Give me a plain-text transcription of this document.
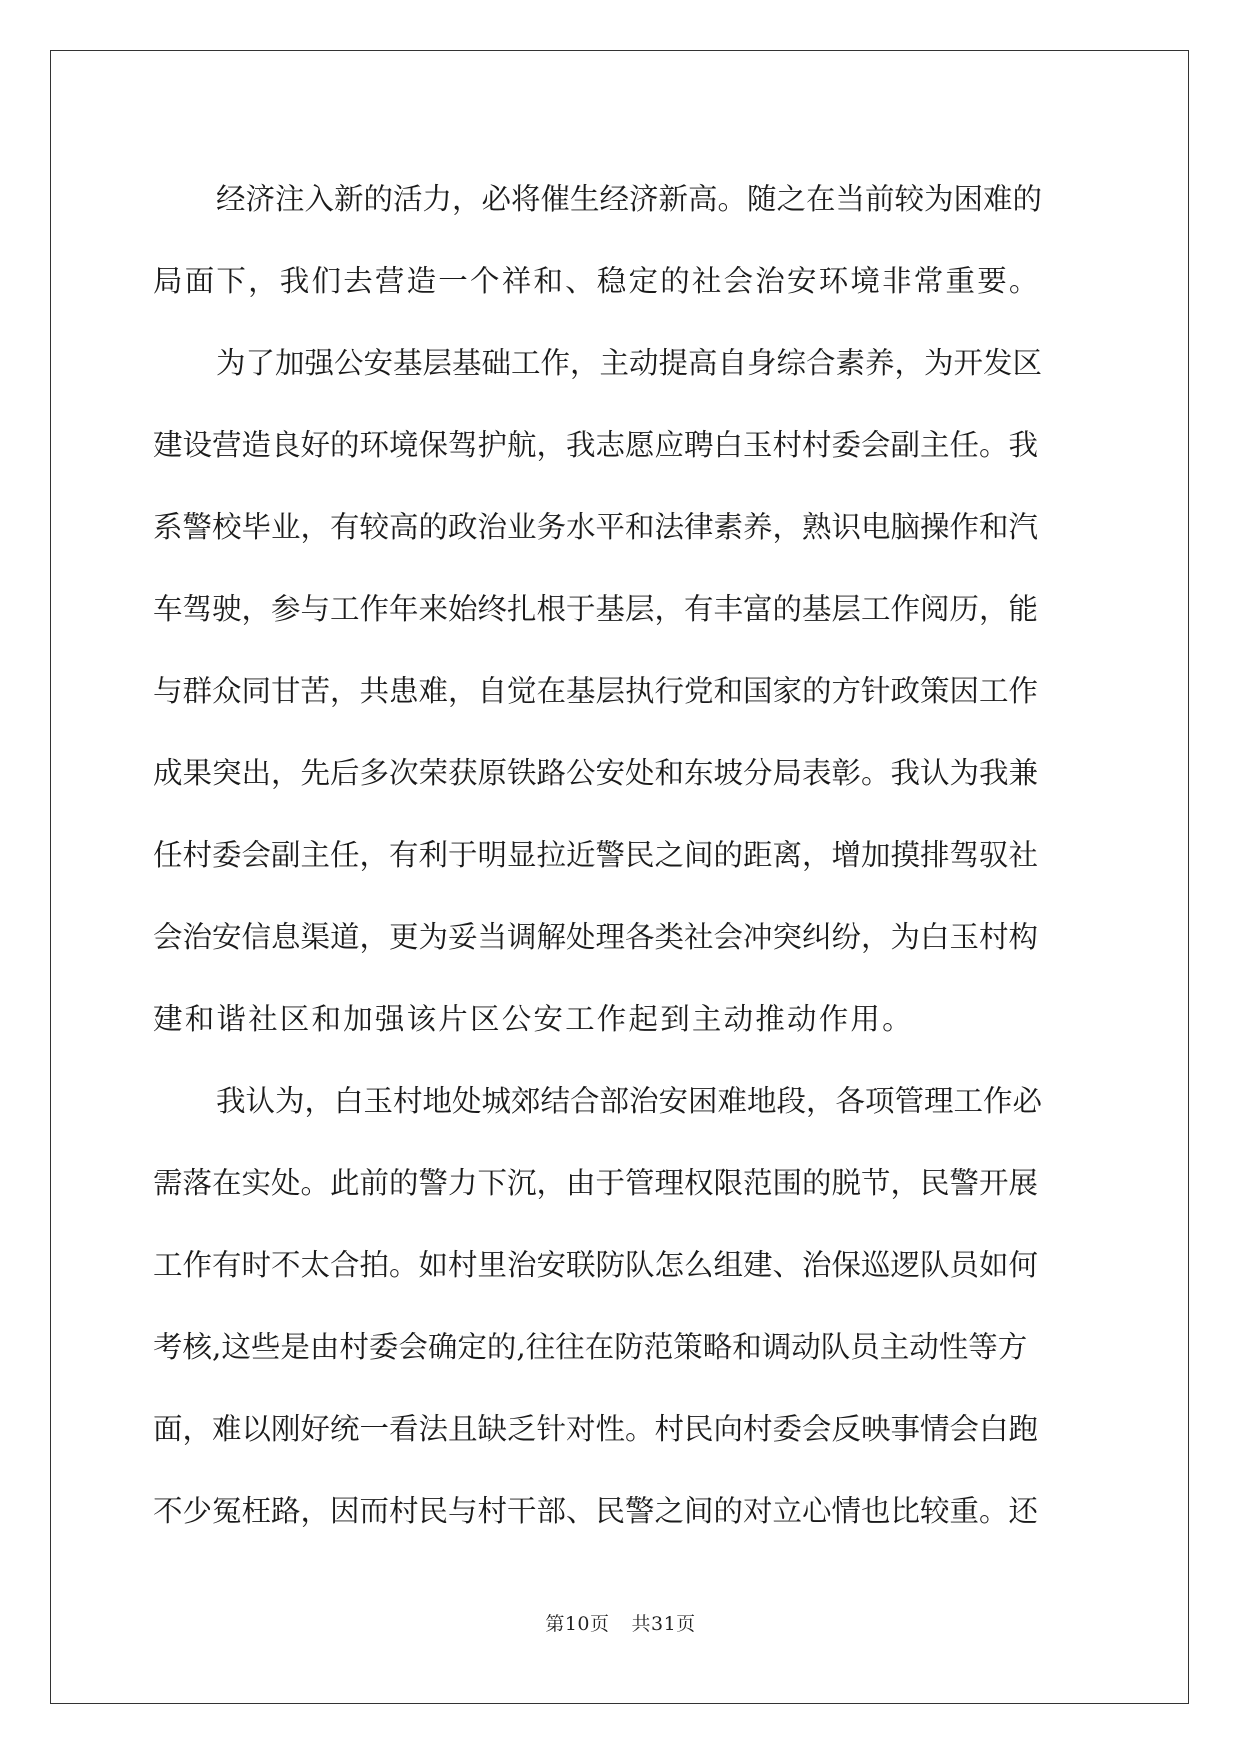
经济注入新的活力，必将催生经济新高。随之在当前较为困难的
局面下，我们去营造一个祥和、稳定的社会治安环境非常重要。

为了加强公安基层基础工作，主动提高自身综合素养，为开发区
建设营造良好的环境保驾护航，我志愿应聘白玉村村委会副主任。我
系警校毕业，有较高的政治业务水平和法律素养，熟识电脑操作和汽
车驾驶，参与工作年来始终扎根于基层，有丰富的基层工作阅历，能
与群众同甘苦，共患难，自觉在基层执行党和国家的方针政策因工作
成果突出，先后多次荣获原铁路公安处和东坡分局表彰。我认为我兼
任村委会副主任，有利于明显拉近警民之间的距离，增加摸排驾驭社
会治安信息渠道，更为妥当调解处理各类社会冲突纠纷，为白玉村构
建和谐社区和加强该片区公安工作起到主动推动作用。

我认为，白玉村地处城郊结合部治安困难地段，各项管理工作必
需落在实处。此前的警力下沉，由于管理权限范围的脱节，民警开展
工作有时不太合拍。如村里治安联防队怎么组建、治保巡逻队员如何
考核,这些是由村委会确定的,往往在防范策略和调动队员主动性等方
面，难以刚好统一看法且缺乏针对性。村民向村委会反映事情会白跑
不少冤枉路，因而村民与村干部、民警之间的对立心情也比较重。还

第10页 共31页
